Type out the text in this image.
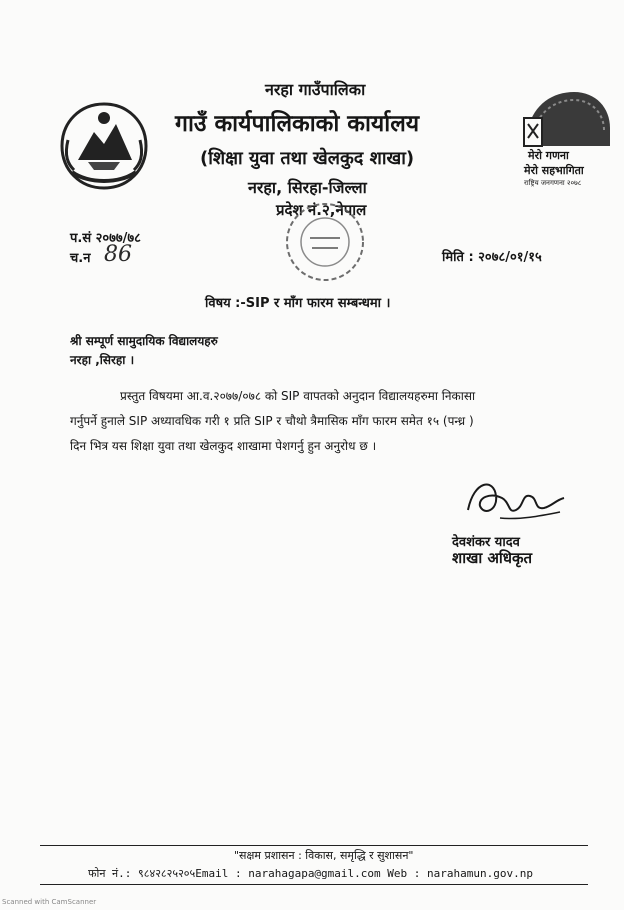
मेरो गणना
मेरो सहभागिता
राष्ट्रिय जनगणना २०७८
नरहा गाउँपालिका
गाउँ कार्यपालिकाको कार्यालय
(शिक्षा युवा तथा खेलकुद शाखा)
नरहा, सिरहा-जिल्ला
प्रदेश नं.२,नेपाल
प.सं २०७७/७८
च.न 86	मिति : २०७८/०१/१५
विषय :-SIP र माँग फारम सम्बन्धमा ।
श्री सम्पूर्ण सामुदायिक विद्यालयहरु
नरहा ,सिरहा ।
प्रस्तुत विषयमा आ.व.२०७७/०७८ को SIP वापतको अनुदान विद्यालयहरुमा निकासा
गर्नुपर्ने हुनाले SIP अध्यावधिक गरी १ प्रति SIP र चौथो त्रैमासिक माँग फारम समेत १५ (पन्ध्र )
दिन भित्र यस शिक्षा युवा तथा खेलकुद शाखामा पेशगर्नु हुन अनुरोध छ ।
देवशंकर यादव
शाखा अधिकृत
"सक्षम प्रशासन : विकास, समृद्धि र सुशासन"
फोन नं.: ९८४२८२५२०५Email : narahagapa@gmail.com Web : narahamun.gov.np
Scanned with CamScanner
